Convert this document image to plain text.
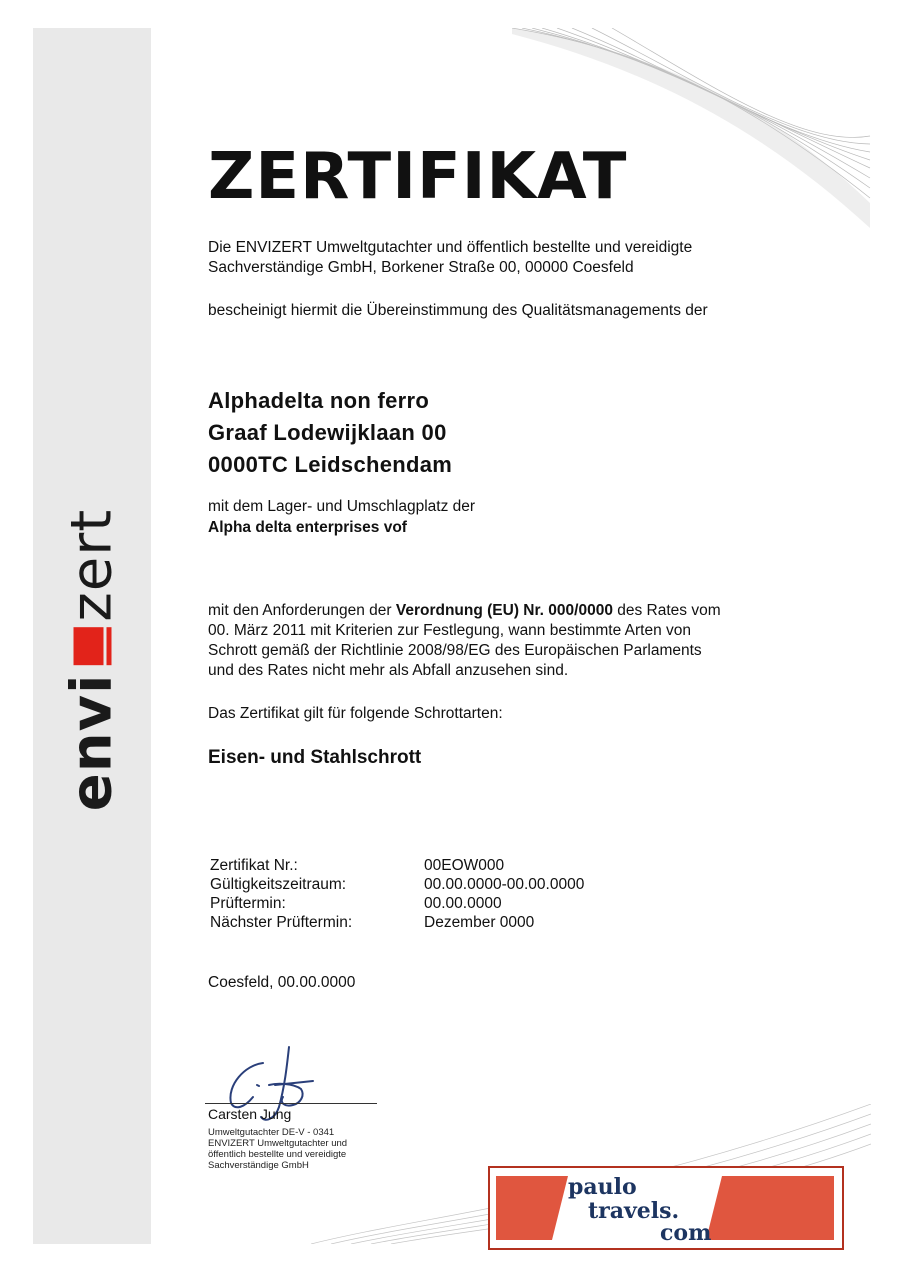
envi
zert
ZERTIFIKAT

Die ENVIZERT Umweltgutachter und öffentlich bestellte und vereidigte

Sachverständige GmbH, Borkener Straße 00, 00000 Coesfeld

bescheinigt hiermit die Übereinstimmung des Qualitätsmanagements der

Alphadelta non ferro
Graaf Lodewijklaan 00
0000TC Leidschendam

mit dem Lager- und Umschlagplatz der

Alpha delta enterprises vof

mit den Anforderungen der Verordnung (EU) Nr. 000/0000 des Rates vom

00. März 2011 mit Kriterien zur Festlegung, wann bestimmte Arten von

Schrott gemäß der Richtlinie 2008/98/EG des Europäischen Parlaments

und des Rates nicht mehr als Abfall anzusehen sind.

Das Zertifikat gilt für folgende Schrottarten:

Eisen- und Stahlschrott
Zertifikat Nr.:	00EOW000
Gültigkeitszeitraum:	00.00.0000-00.00.0000
Prüftermin:	00.00.0000
Nächster Prüftermin:	Dezember 0000

Coesfeld, 00.00.0000

Carsten Jung
Umweltgutachter DE-V - 0341
ENVIZERT Umweltgutachter und
öffentlich bestellte und vereidigte
Sachverständige GmbH
paulo
travels.
com
